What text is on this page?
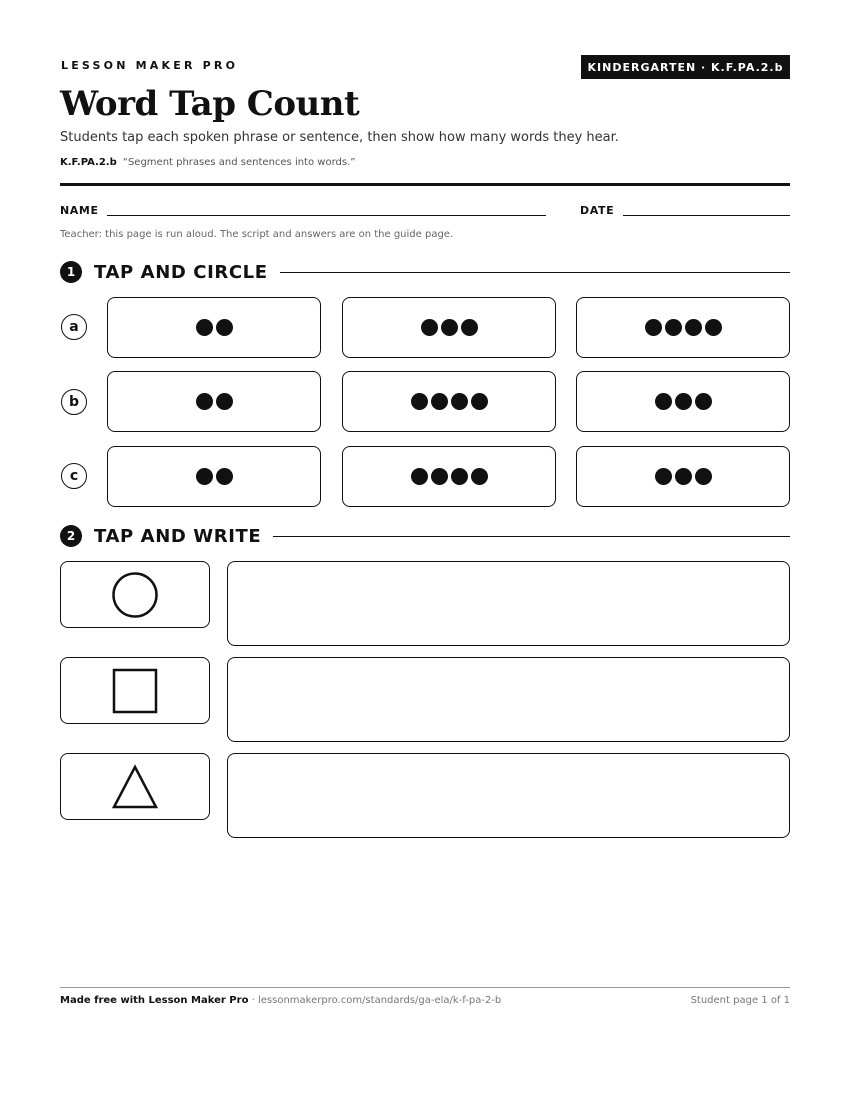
LESSON MAKER PRO	KINDERGARTEN · K.F.PA.2.b
Word Tap Count
Students tap each spoken phrase or sentence, then show how many words they hear.
K.F.PA.2.b “Segment phrases and sentences into words.”
NAME	DATE
Teacher: this page is run aloud. The script and answers are on the guide page.
1	TAP AND CIRCLE
a
b
c
2	TAP AND WRITE
Made free with Lesson Maker Pro · lessonmakerpro.com/standards/ga-ela/k-f-pa-2-b	Student page 1 of 1
